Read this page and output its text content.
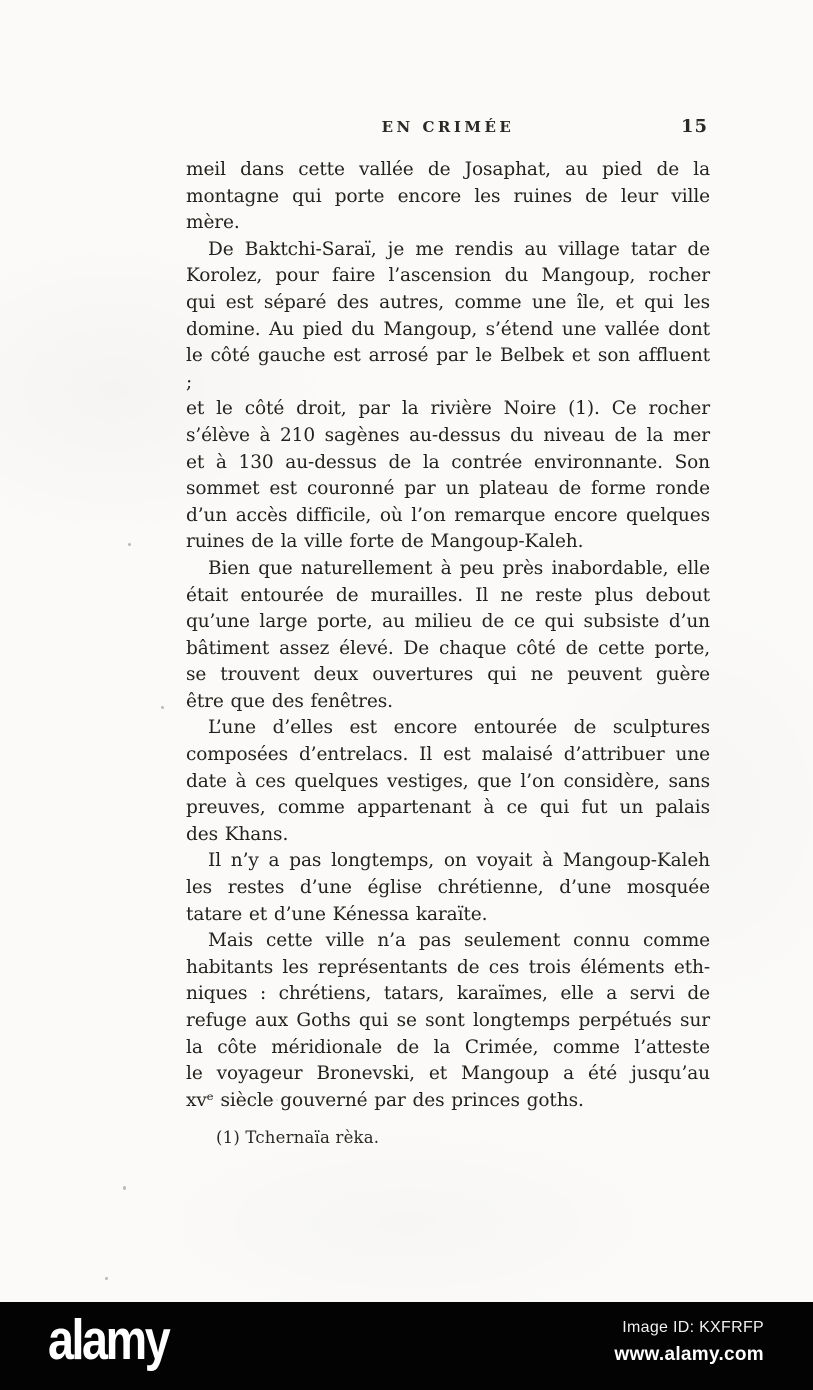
EN CRIMÉE	15
meil dans cette vallée de Josaphat, au pied de la
montagne qui porte encore les ruines de leur ville
mère.
De Baktchi-Saraï, je me rendis au village tatar de
Korolez, pour faire l’ascension du Mangoup, rocher
qui est séparé des autres, comme une île, et qui les
domine. Au pied du Mangoup, s’étend une vallée dont
le côté gauche est arrosé par le Belbek et son affluent ;
et le côté droit, par la rivière Noire (1). Ce rocher
s’élève à 210 sagènes au-dessus du niveau de la mer
et à 130 au-dessus de la contrée environnante. Son
sommet est couronné par un plateau de forme ronde
d’un accès difficile, où l’on remarque encore quelques
ruines de la ville forte de Mangoup-Kaleh.
Bien que naturellement à peu près inabordable, elle
était entourée de murailles. Il ne reste plus debout
qu’une large porte, au milieu de ce qui subsiste d’un
bâtiment assez élevé. De chaque côté de cette porte,
se trouvent deux ouvertures qui ne peuvent guère
être que des fenêtres.
L’une d’elles est encore entourée de sculptures
composées d’entrelacs. Il est malaisé d’attribuer une
date à ces quelques vestiges, que l’on considère, sans
preuves, comme appartenant à ce qui fut un palais
des Khans.
Il n’y a pas longtemps, on voyait à Mangoup-Kaleh
les restes d’une église chrétienne, d’une mosquée
tatare et d’une Kénessa karaïte.
Mais cette ville n’a pas seulement connu comme
habitants les représentants de ces trois éléments eth-
niques : chrétiens, tatars, karaïmes, elle a servi de
refuge aux Goths qui se sont longtemps perpétués sur
la côte méridionale de la Crimée, comme l’atteste
le voyageur Bronevski, et Mangoup a été jusqu’au
xvᵉ siècle gouverné par des princes goths.
(1) Tchernaïa rèka.
alamy	Image ID: KXFRFP
www.alamy.com
